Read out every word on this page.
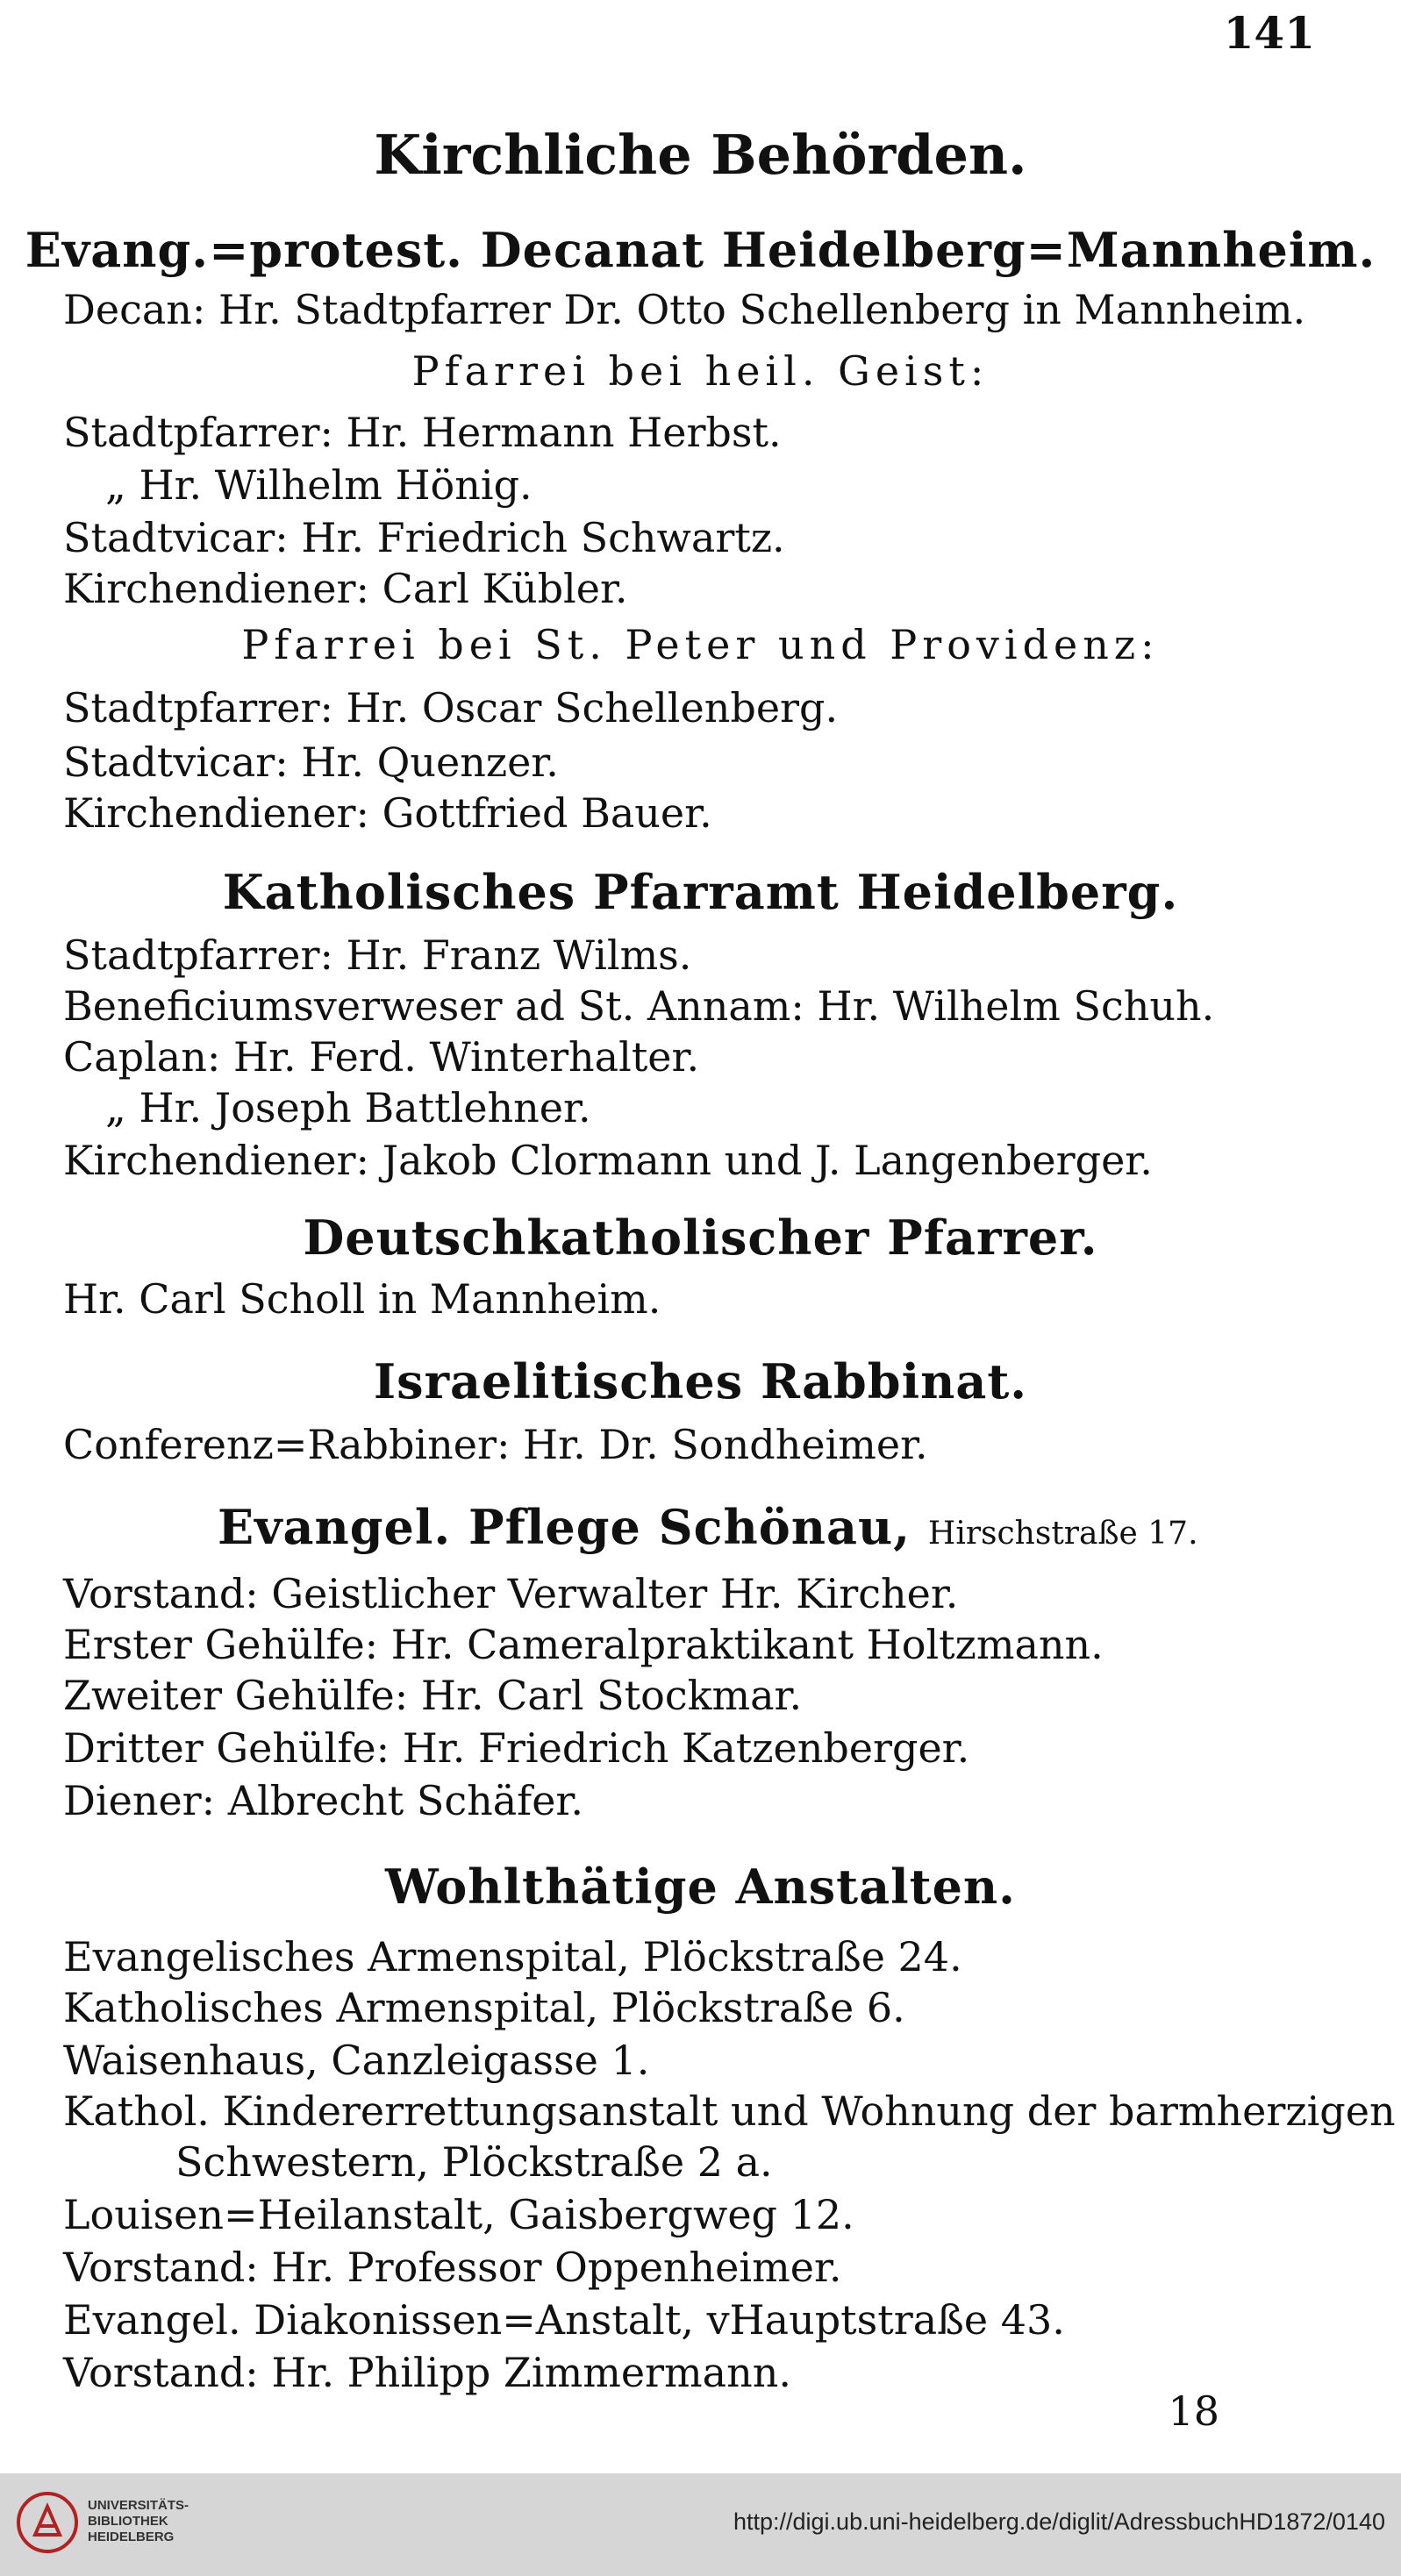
141
Kirchliche Behörden.
Evang.=protest. Decanat Heidelberg=Mannheim.
Decan: Hr. Stadtpfarrer Dr. Otto Schellenberg in Mannheim.
Pfarrei bei heil. Geist:
Stadtpfarrer: Hr. Hermann Herbst.
„ Hr. Wilhelm Hönig.
Stadtvicar: Hr. Friedrich Schwartz.
Kirchendiener: Carl Kübler.
Pfarrei bei St. Peter und Providenz:
Stadtpfarrer: Hr. Oscar Schellenberg.
Stadtvicar: Hr. Quenzer.
Kirchendiener: Gottfried Bauer.
Katholisches Pfarramt Heidelberg.
Stadtpfarrer: Hr. Franz Wilms.
Beneficiumsverweser ad St. Annam: Hr. Wilhelm Schuh.
Caplan: Hr. Ferd. Winterhalter.
„ Hr. Joseph Battlehner.
Kirchendiener: Jakob Clormann und J. Langenberger.
Deutschkatholischer Pfarrer.
Hr. Carl Scholl in Mannheim.
Israelitisches Rabbinat.
Conferenz=Rabbiner: Hr. Dr. Sondheimer.
Evangel. Pflege Schönau, Hirschstraße 17.
Vorstand: Geistlicher Verwalter Hr. Kircher.
Erster Gehülfe: Hr. Cameralpraktikant Holtzmann.
Zweiter Gehülfe: Hr. Carl Stockmar.
Dritter Gehülfe: Hr. Friedrich Katzenberger.
Diener: Albrecht Schäfer.
Wohlthätige Anstalten.
Evangelisches Armenspital, Plöckstraße 24.
Katholisches Armenspital, Plöckstraße 6.
Waisenhaus, Canzleigasse 1.
Kathol. Kindererrettungsanstalt und Wohnung der barmherzigen
Schwestern, Plöckstraße 2 a.
Louisen=Heilanstalt, Gaisbergweg 12.
Vorstand: Hr. Professor Oppenheimer.
Evangel. Diakonissen=Anstalt, vHauptstraße 43.
Vorstand: Hr. Philipp Zimmermann.
18
UNIVERSITÄTS-
BIBLIOTHEK
HEIDELBERG
http://digi.ub.uni-heidelberg.de/diglit/AdressbuchHD1872/0140
